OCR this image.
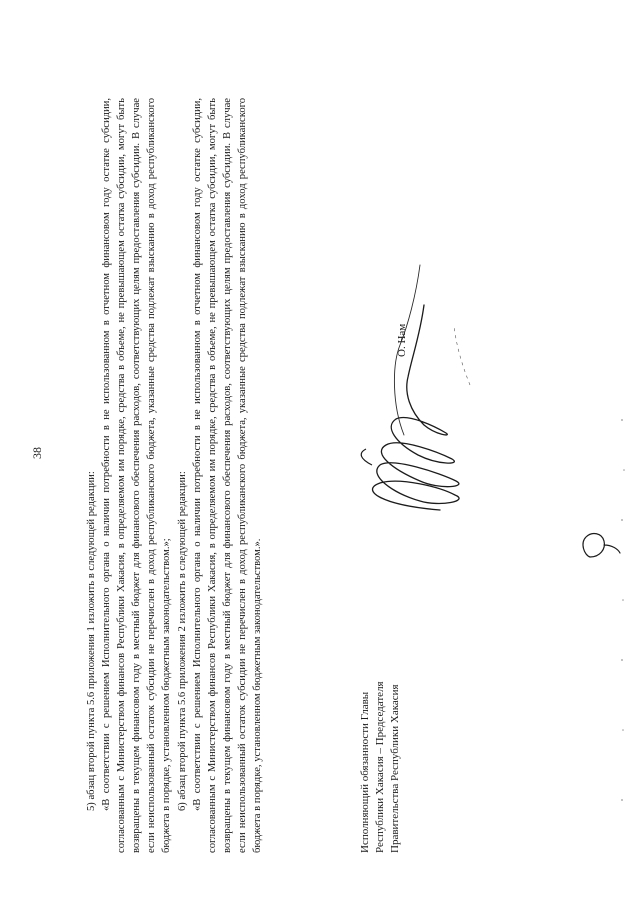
38

5) абзац второй пункта 5.6 приложения 1 изложить в следующей редакции: «В соответствии с решением Исполнительного органа о наличии потребности в не использованном в отчетном финансовом году остатке субсидии, согласованным с Министерством финансов Республики Хакасия, в определяемом им порядке, средства в объеме, не превышающем остатка субсидии, могут быть возвращены в текущем финансовом году в местный бюджет для финансового обеспечения расходов, соответствующих целям предоставления субсидии. В случае если неиспользованный остаток субсидии не перечислен в доход республиканского бюджета, указанные средства подлежат взысканию в доход республиканского бюджета в порядке, установленном бюджетным законодательством.»; 6) абзац второй пункта 5.6 приложения 2 изложить в следующей редакции: «В соответствии с решением Исполнительного органа о наличии потребности в не использованном в отчетном финансовом году остатке субсидии, согласованным с Министерством финансов Республики Хакасия, в определяемом им порядке, средства в объеме, не превышающем остатка субсидии, могут быть возвращены в текущем финансовом году в местный бюджет для финансового обеспечения расходов, соответствующих целям предоставления субсидии. В случае если неиспользованный остаток субсидии не перечислен в доход республиканского бюджета, указанные средства подлежат взысканию в доход республиканского бюджета в порядке, установленном бюджетным законодательством.».	Исполняющий обязанности Главы Республики Хакасия – Председателя Правительства Республики Хакасия
О. Нам
